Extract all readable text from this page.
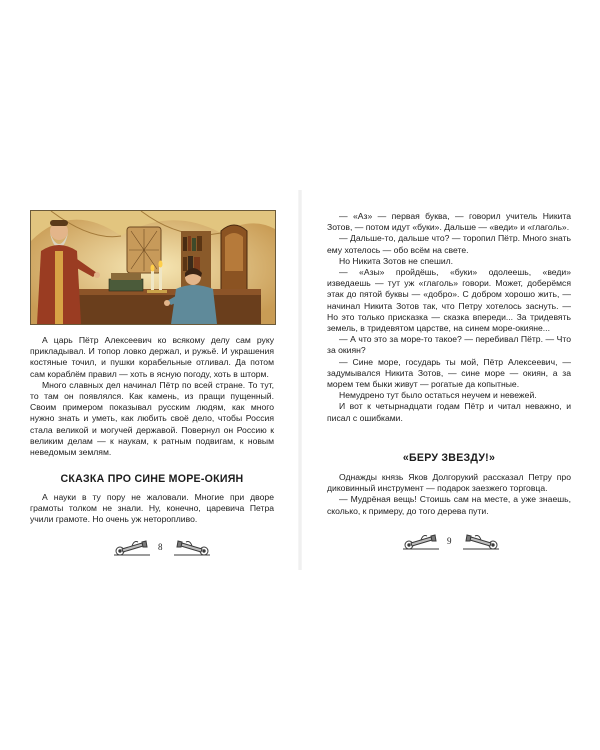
А царь Пётр Алексеевич ко всякому делу сам руку прикладывал. И топор ловко держал, и ружьё. И украшения костяные точил, и пушки корабельные отливал. Да потом сам кораблём правил — хоть в ясную погоду, хоть в шторм.

Много славных дел начинал Пётр по всей стране. То тут, то там он появлялся. Как камень, из пращи пущенный. Своим примером показывал русским людям, как много нужно знать и уметь, как любить своё дело, чтобы Россия стала великой и могучей державой. Повернул он Россию к великим делам — к наукам, к ратным подвигам, к новым неведомым землям.

СКАЗКА ПРО СИНЕ МОРЕ-ОКИЯН

А науки в ту пору не жаловали. Многие при дворе грамоты толком не знали. Ну, конечно, царевича Петра учили грамоте. Но очень уж неторопливо.

8

— «Аз» — первая буква, — говорил учитель Никита Зотов, — потом идут «буки». Дальше — «веди» и «глаголь».

— Дальше-то, дальше что? — торопил Пётр. Много знать ему хотелось — обо всём на свете.

Но Никита Зотов не спешил.

— «Азы» пройдёшь, «буки» одолеешь, «веди» изведаешь — тут уж «глаголь» говори. Может, доберёмся этак до пятой буквы — «добро». С добром хорошо жить, — начинал Никита Зотов так, что Петру хотелось заснуть. — Но это только присказка — сказка впереди... За тридевять земель, в тридевятом царстве, на синем море-окияне...

— А что это за море-то такое? — перебивал Пётр. — Что за окиян?

— Сине море, государь ты мой, Пётр Алексеевич, — задумывался Никита Зотов, — сине море — окиян, а за морем тем быки живут — рогатые да копытные.

Немудрено тут было остаться неучем и невежей.

И вот к четырнадцати годам Пётр и читал неважно, и писал с ошибками.

«БЕРУ ЗВЕЗДУ!»

Однажды князь Яков Долгорукий рассказал Петру про диковинный инструмент — подарок заезжего торговца.

— Мудрёная вещь! Стоишь сам на месте, а уже знаешь, сколько, к примеру, до того дерева пути.

9
